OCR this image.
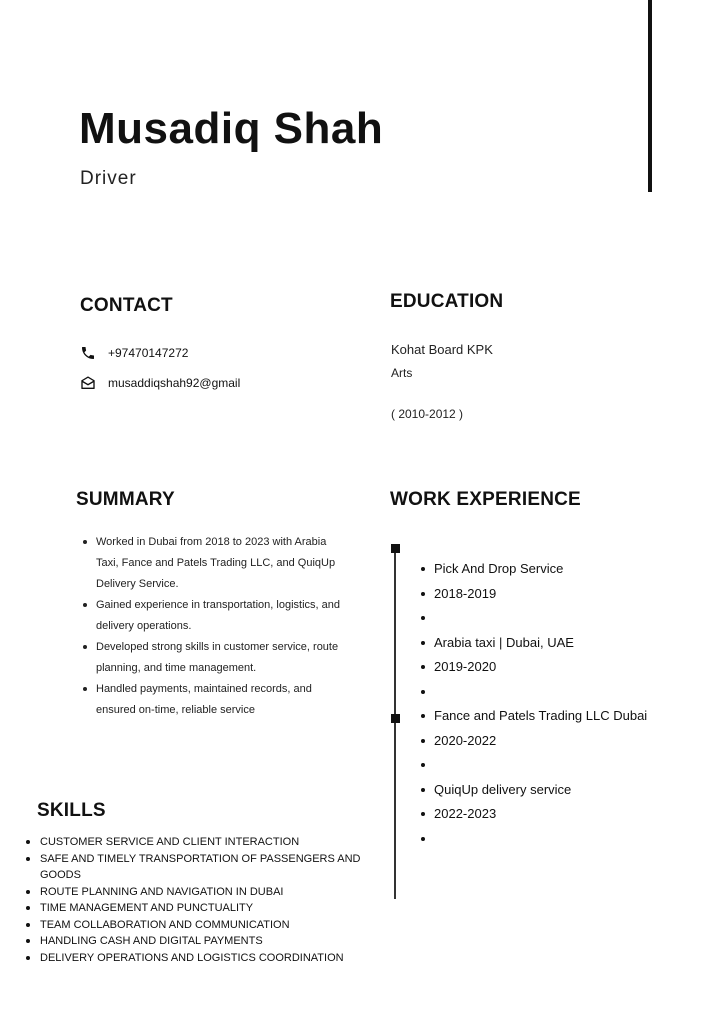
Musadiq Shah
Driver
CONTACT
+97470147272
musaddiqshah92@gmail
EDUCATION
Kohat Board KPK
Arts
( 2010-2012 )
SUMMARY
Worked in Dubai from 2018 to 2023 with Arabia Taxi, Fance and Patels Trading LLC, and QuiqUp Delivery Service.
Gained experience in transportation, logistics, and delivery operations.
Developed strong skills in customer service, route planning, and time management.
Handled payments, maintained records, and ensured on-time, reliable service
SKILLS
CUSTOMER SERVICE AND CLIENT INTERACTION
SAFE AND TIMELY TRANSPORTATION OF PASSENGERS AND GOODS
ROUTE PLANNING AND NAVIGATION IN DUBAI
TIME MANAGEMENT AND PUNCTUALITY
TEAM COLLABORATION AND COMMUNICATION
HANDLING CASH AND DIGITAL PAYMENTS
DELIVERY OPERATIONS AND LOGISTICS COORDINATION
WORK EXPERIENCE
Pick And Drop Service
2018-2019
Arabia taxi | Dubai, UAE
2019-2020
Fance and Patels Trading LLC Dubai
2020-2022
QuiqUp delivery service
2022-2023
